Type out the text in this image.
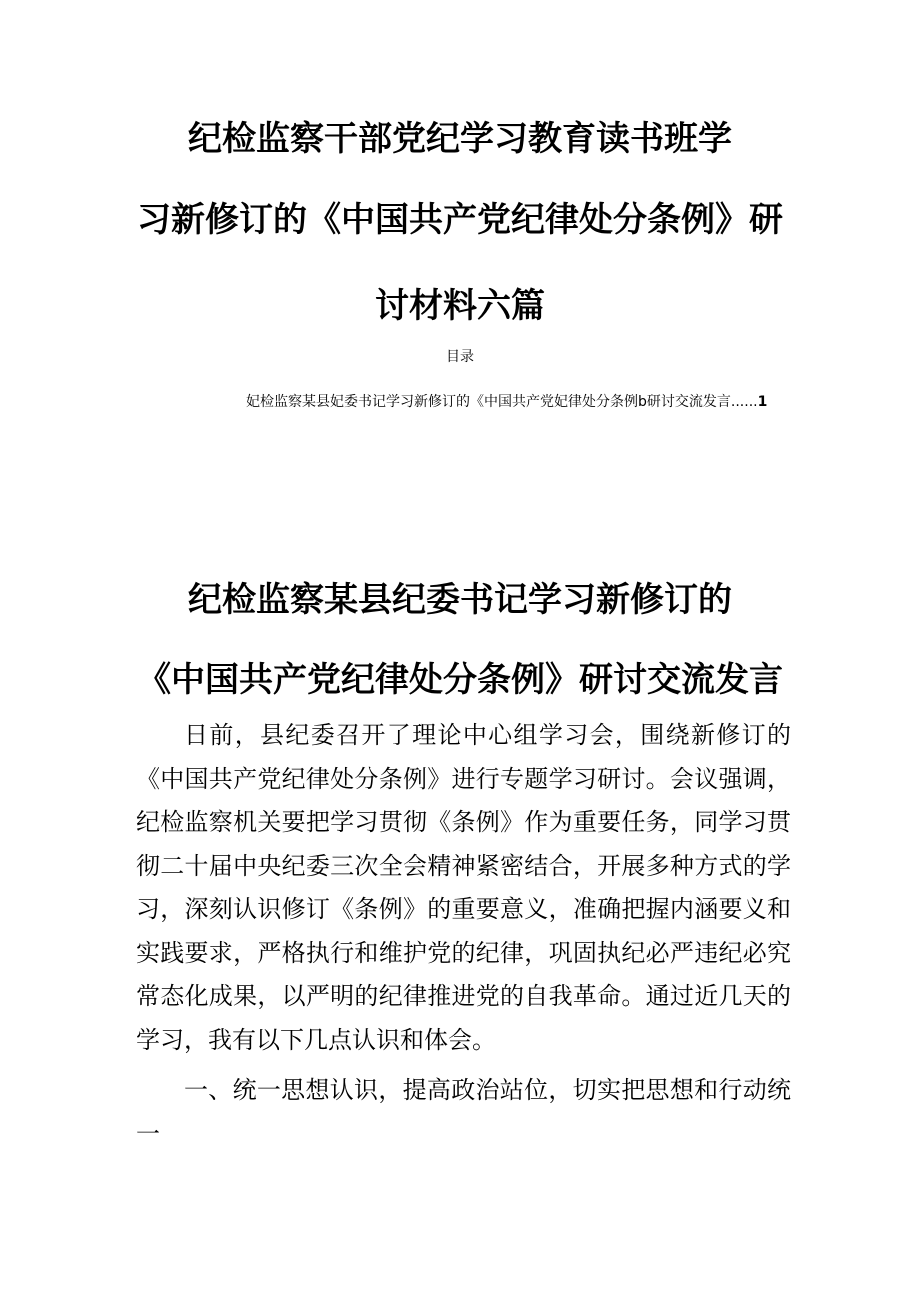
纪检监察干部党纪学习教育读书班学
习新修订的《中国共产党纪律处分条例》研
讨材料六篇
目录
妃检监察某县妃委书记学习新修订的《中国共产党妃律处分条例b研讨交流发言......1
纪检监察某县纪委书记学习新修订的
《中国共产党纪律处分条例》研讨交流发言

日前，县纪委召开了理论中心组学习会，围绕新修订的《中国共产党纪律处分条例》进行专题学习研讨。会议强调，纪检监察机关要把学习贯彻《条例》作为重要任务，同学习贯彻二十届中央纪委三次全会精神紧密结合，开展多种方式的学习，深刻认识修订《条例》的重要意义，准确把握内涵要义和实践要求，严格执行和维护党的纪律，巩固执纪必严违纪必究常态化成果，以严明的纪律推进党的自我革命。通过近几天的学习，我有以下几点认识和体会。

一、统一思想认识，提高政治站位，切实把思想和行动统一
